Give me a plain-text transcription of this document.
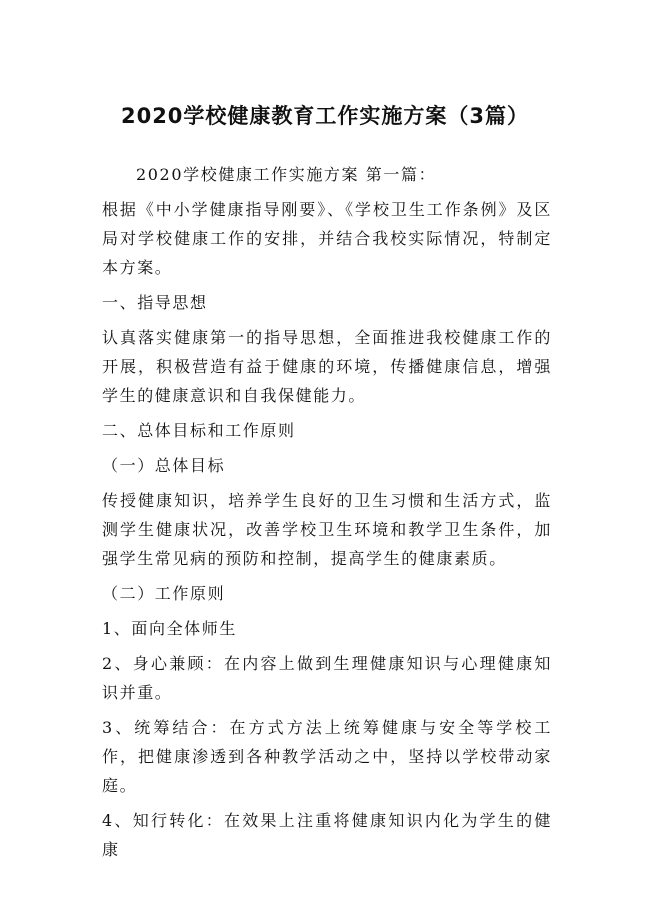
2020学校健康教育工作实施方案（3篇）

2020学校健康工作实施方案 第一篇：

根据《中小学健康指导刚要》、《学校卫生工作条例》及区局对学校健康工作的安排，并结合我校实际情况，特制定本方案。

一、指导思想

认真落实健康第一的指导思想，全面推进我校健康工作的开展，积极营造有益于健康的环境，传播健康信息，增强学生的健康意识和自我保健能力。

二、总体目标和工作原则

（一）总体目标

传授健康知识，培养学生良好的卫生习惯和生活方式，监测学生健康状况，改善学校卫生环境和教学卫生条件，加强学生常见病的预防和控制，提高学生的健康素质。

（二）工作原则

1、面向全体师生

2、身心兼顾：在内容上做到生理健康知识与心理健康知识并重。

3、统筹结合：在方式方法上统筹健康与安全等学校工作，把健康渗透到各种教学活动之中，坚持以学校带动家庭。

4、知行转化：在效果上注重将健康知识内化为学生的健康
